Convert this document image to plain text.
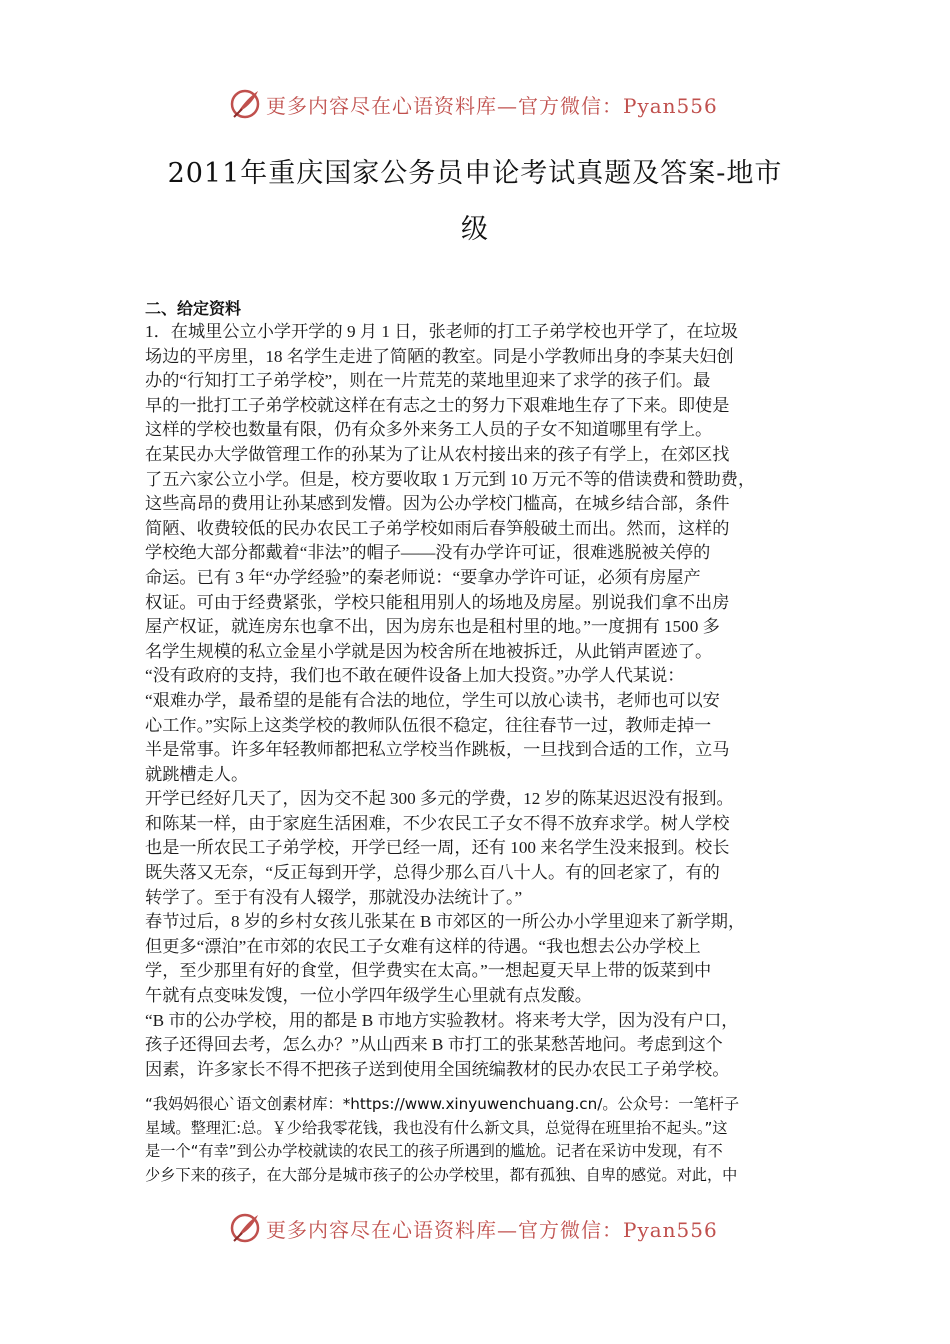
更多内容尽在心语资料库—官方微信：Pyan556
2011年重庆国家公务员申论考试真题及答案-地市
级
二、给定资料
1．在城里公立小学开学的 9 月 1 日，张老师的打工子弟学校也开学了，在垃圾
场边的平房里，18 名学生走进了简陋的教室。同是小学教师出身的李某夫妇创
办的“行知打工子弟学校”，则在一片荒芜的菜地里迎来了求学的孩子们。最
早的一批打工子弟学校就这样在有志之士的努力下艰难地生存了下来。即使是
这样的学校也数量有限，仍有众多外来务工人员的子女不知道哪里有学上。
在某民办大学做管理工作的孙某为了让从农村接出来的孩子有学上，在郊区找
了五六家公立小学。但是，校方要收取 1 万元到 10 万元不等的借读费和赞助费，
这些高昂的费用让孙某感到发懵。因为公办学校门槛高，在城乡结合部，条件
简陋、收费较低的民办农民工子弟学校如雨后春笋般破土而出。然而，这样的
学校绝大部分都戴着“非法”的帽子——没有办学许可证，很难逃脱被关停的
命运。已有 3 年“办学经验”的秦老师说：“要拿办学许可证，必须有房屋产
权证。可由于经费紧张，学校只能租用别人的场地及房屋。别说我们拿不出房
屋产权证，就连房东也拿不出，因为房东也是租村里的地。”一度拥有 1500 多
名学生规模的私立金星小学就是因为校舍所在地被拆迁，从此销声匿迹了。
“没有政府的支持，我们也不敢在硬件设备上加大投资。”办学人代某说：
“艰难办学，最希望的是能有合法的地位，学生可以放心读书，老师也可以安
心工作。”实际上这类学校的教师队伍很不稳定，往往春节一过，教师走掉一
半是常事。许多年轻教师都把私立学校当作跳板，一旦找到合适的工作，立马
就跳槽走人。
开学已经好几天了，因为交不起 300 多元的学费，12 岁的陈某迟迟没有报到。
和陈某一样，由于家庭生活困难，不少农民工子女不得不放弃求学。树人学校
也是一所农民工子弟学校，开学已经一周，还有 100 来名学生没来报到。校长
既失落又无奈，“反正每到开学，总得少那么百八十人。有的回老家了，有的
转学了。至于有没有人辍学，那就没办法统计了。”
春节过后，8 岁的乡村女孩儿张某在 B 市郊区的一所公办小学里迎来了新学期，
但更多“漂泊”在市郊的农民工子女难有这样的待遇。“我也想去公办学校上
学，至少那里有好的食堂，但学费实在太高。”一想起夏天早上带的饭菜到中
午就有点变味发馊，一位小学四年级学生心里就有点发酸。
“B 市的公办学校，用的都是 B 市地方实验教材。将来考大学，因为没有户口，
孩子还得回去考，怎么办？”从山西来 B 市打工的张某愁苦地问。考虑到这个
因素，许多家长不得不把孩子送到使用全国统编教材的民办农民工子弟学校。
“我妈妈很心`语文创素材库：*https://www.xinyuwenchuang.cn/。公众号：一笔杆子
星域。整理汇:总。￥少给我零花钱，我也没有什么新文具，总觉得在班里抬不起头。”这
是一个“有幸”到公办学校就读的农民工的孩子所遇到的尴尬。记者在采访中发现，有不
少乡下来的孩子，在大部分是城市孩子的公办学校里，都有孤独、自卑的感觉。对此，中
更多内容尽在心语资料库—官方微信：Pyan556
